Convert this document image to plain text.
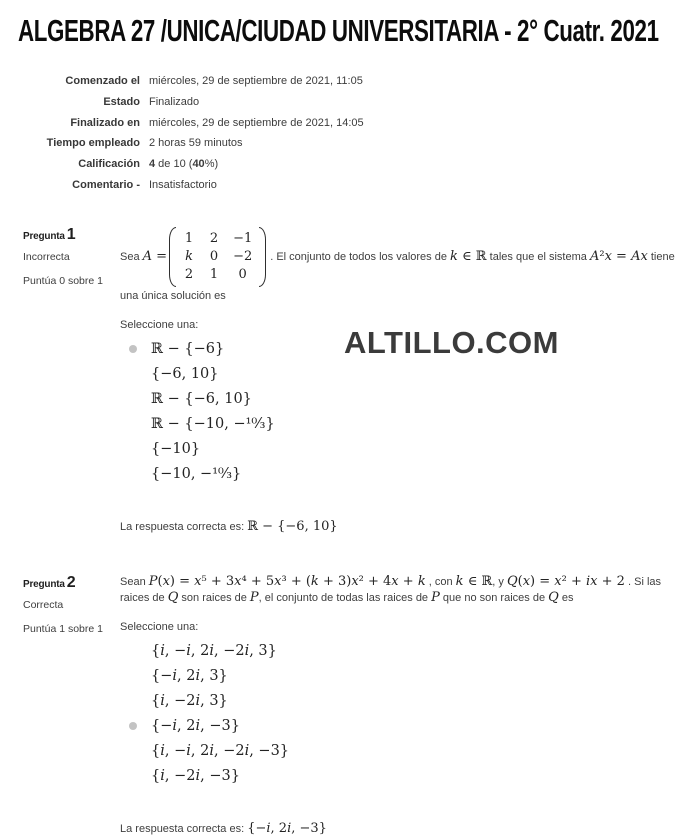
ALGEBRA 27 /UNICA/CIUDAD UNIVERSITARIA - 2° Cuatr. 2021
Comenzado el miércoles, 29 de septiembre de 2021, 11:05
Estado Finalizado
Finalizado en miércoles, 29 de septiembre de 2021, 14:05
Tiempo empleado 2 horas 59 minutos
Calificación 4 de 10 (40%)
Comentario - Insatisfactorio
Pregunta 1
Incorrecta
Puntúa 0 sobre 1

Sea A =
1 2 −1
k 0 −2
2 1	0
. El conjunto de todos los valores de k ∈ ℝ tales que el sistema A²x = Ax tiene una única solución es

Seleccione una:
ℝ − {−6}
{−6, 10}
ℝ − {−6, 10}
ℝ − {−10, −¹⁰⁄₃}
{−10}
{−10, −¹⁰⁄₃}
La respuesta correcta es: ℝ − {−6, 10}
Pregunta 2
Correcta
Puntúa 1 sobre 1

Sean P(x) = x⁵ + 3x⁴ + 5x³ + (k + 3)x² + 4x + k , con k ∈ ℝ, y Q(x) = x² + ix + 2 . Si las raices de Q son raices de P, el conjunto de todas las raices de P que no son raices de Q es

Seleccione una:
{i, −i, 2i, −2i, 3}
{−i, 2i, 3}
{i, −2i, 3}
{−i, 2i, −3}
{i, −i, 2i, −2i, −3}
{i, −2i, −3}
La respuesta correcta es: {−i, 2i, −3}
ALTILLO.COM
